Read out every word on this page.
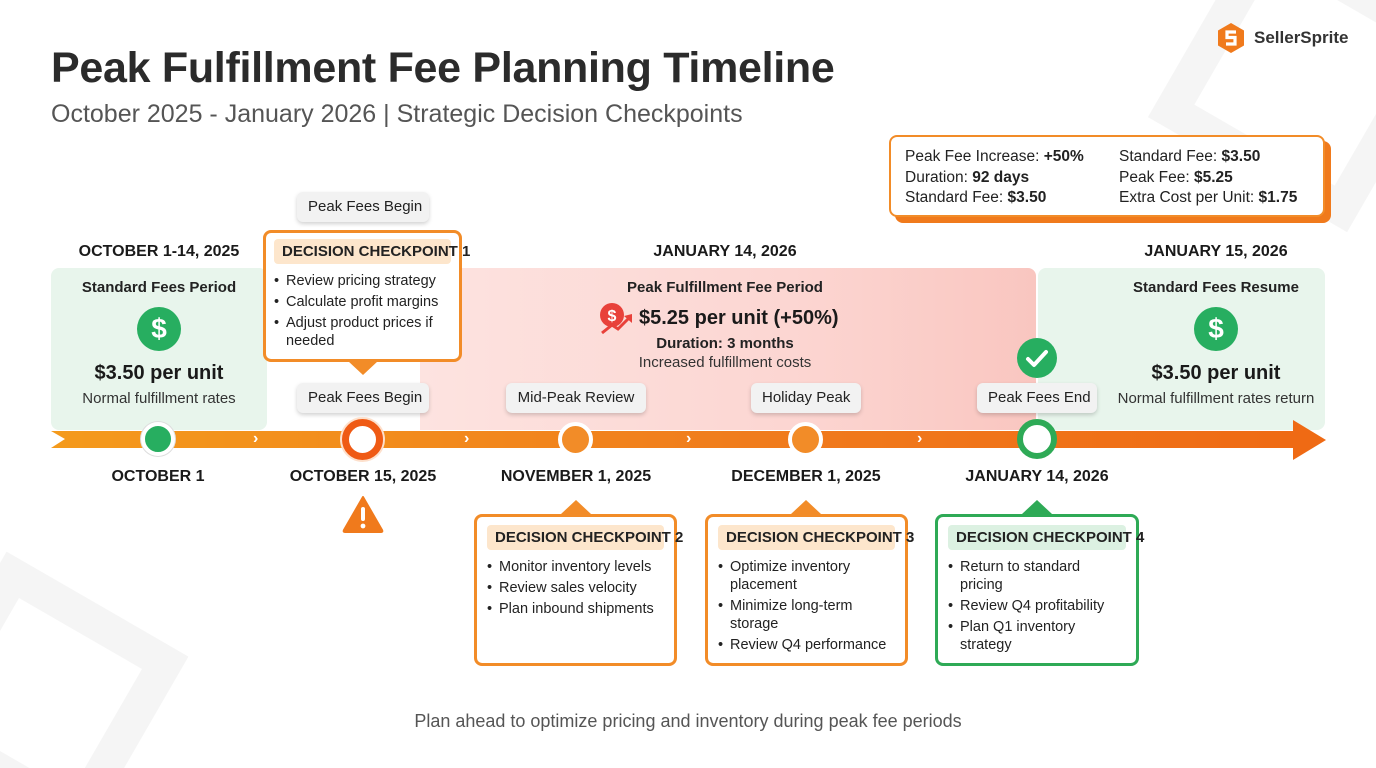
Peak Fulfillment Fee Planning Timeline
October 2025 - January 2026 | Strategic Decision Checkpoints
SellerSprite
Peak Fee Increase: +50%
Duration: 92 days
Standard Fee: $3.50
Standard Fee: $3.50
Peak Fee: $5.25
Extra Cost per Unit: $1.75
OCTOBER 1-14, 2025	JANUARY 14, 2026	JANUARY 15, 2026
Standard Fees Period
$
$3.50 per unit
Normal fulfillment rates
Peak Fulfillment Fee Period
$ $5.25 per unit (+50%)
Duration: 3 months
Increased fulfillment costs
Standard Fees Resume
$
$3.50 per unit
Normal fulfillment rates return
Peak Fees Begin
DECISION CHECKPOINT 1
• Review pricing strategy
• Calculate profit margins
• Adjust product prices if needed
Peak Fees Begin	Mid-Peak Review	Holiday Peak	Peak Fees End
›	›	›	›
OCTOBER 1	OCTOBER 15, 2025	NOVEMBER 1, 2025	DECEMBER 1, 2025	JANUARY 14, 2026
DECISION CHECKPOINT 2
• Monitor inventory levels
• Review sales velocity
• Plan inbound shipments
DECISION CHECKPOINT 3
• Optimize inventory placement
• Minimize long-term storage
• Review Q4 performance
DECISION CHECKPOINT 4
• Return to standard pricing
• Review Q4 profitability
• Plan Q1 inventory strategy
Plan ahead to optimize pricing and inventory during peak fee periods
